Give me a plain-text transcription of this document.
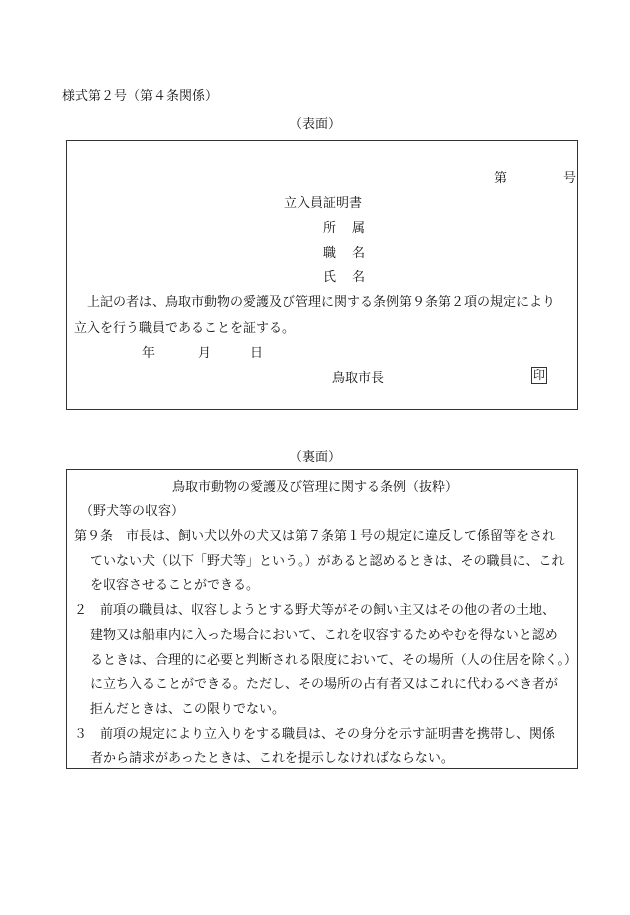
様式第２号（第４条関係）
（表面）
第	号
立入員証明書
所 属
職 名
氏 名
上記の者は、鳥取市動物の愛護及び管理に関する条例第９条第２項の規定により
立入を行う職員であることを証する。
年	月	日
鳥取市長	印
（裏面）
鳥取市動物の愛護及び管理に関する条例（抜粋）
（野犬等の収容）
第９条　市長は、飼い犬以外の犬又は第７条第１号の規定に違反して係留等をされ
ていない犬（以下「野犬等」という。）があると認めるときは、その職員に、これ
を収容させることができる。
２　前項の職員は、収容しようとする野犬等がその飼い主又はその他の者の土地、
建物又は船車内に入った場合において、これを収容するためやむを得ないと認め
るときは、合理的に必要と判断される限度において、その場所（人の住居を除く。）
に立ち入ることができる。ただし、その場所の占有者又はこれに代わるべき者が
拒んだときは、この限りでない。
３　前項の規定により立入りをする職員は、その身分を示す証明書を携帯し、関係
者から請求があったときは、これを提示しなければならない。
